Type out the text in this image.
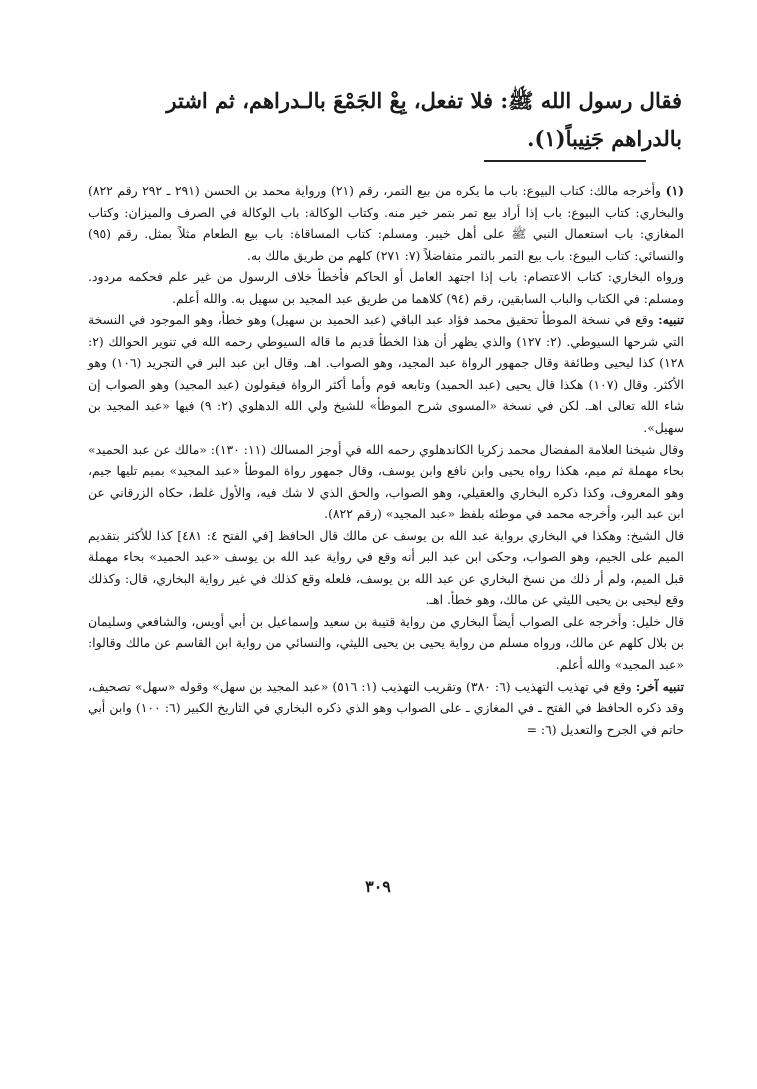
فقال رسول الله ﷺ: فلا تفعل، بِعْ الجَمْعَ بالـدراهم، ثم اشتر بالدراهم جَنِيباً(١).

(١) وأخرجه مالك: كتاب البيوع: باب ما يكره من بيع التمر، رقم (٢١) ورواية محمد بن الحسن (٢٩١ ـ ٢٩٢ رقم ٨٢٢) والبخاري: كتاب البيوع: باب إذا أراد بيع تمر بتمر خير منه. وكتاب الوكالة: باب الوكالة في الصرف والميزان: وكتاب المغازي: باب استعمال النبي ﷺ على أهل خيبر. ومسلم: كتاب المساقاة: باب بيع الطعام مثلاً بمثل. رقم (٩٥) والنسائي: كتاب البيوع: باب بيع التمر بالتمر متفاضلاً (٧: ٢٧١) كلهم من طريق مالك به.

ورواه البخاري: كتاب الاعتصام: باب إذا اجتهد العامل أو الحاكم فأخطأ خلاف الرسول من غير علم فحكمه مردود. ومسلم: في الكتاب والباب السابقين، رقم (٩٤) كلاهما من طريق عبد المجيد بن سهيل به. والله أعلم.

تنبيه: وقع في نسخة الموطأ تحقيق محمد فؤاد عبد الباقي (عبد الحميد بن سهيل) وهو خطأ، وهو الموجود في النسخة التي شرحها السيوطي. (٢: ١٢٧) والذي يظهر أن هذا الخطأ قديم ما قاله السيوطي رحمه الله في تنوير الحوالك (٢: ١٢٨) كذا ليحيى وطائفة وقال جمهور الرواة عبد المجيد، وهو الصواب. اهـ. وقال ابن عبد البر في التجريد (١٠٦) وهو الأكثر. وقال (١٠٧) هكذا قال يحيى (عبد الحميد) وتابعه قوم وأما أكثر الرواة فيقولون (عبد المجيد) وهو الصواب إن شاء الله تعالى اهـ. لكن في نسخة «المسوى شرح الموطأ» للشيخ ولي الله الدهلوي (٢: ٩) فيها «عبد المجيد بن سهيل».

وقال شيخنا العلامة المفضال محمد زكريا الكاندهلوي رحمه الله في أوجز المسالك (١١: ١٣٠): «مالك عن عبد الحميد» بحاء مهملة ثم ميم، هكذا رواه يحيى وابن نافع وابن يوسف، وقال جمهور رواة الموطأ «عبد المجيد» بميم تليها جيم، وهو المعروف، وكذا ذكره البخاري والعقيلي، وهو الصواب، والحق الذي لا شك فيه، والأول غلط، حكاه الزرقاني عن ابن عبد البر، وأخرجه محمد في موطئه بلفظ «عبد المجيد» (رقم ٨٢٢).

قال الشيخ: وهكذا في البخاري برواية عبد الله بن يوسف عن مالك قال الحافظ [في الفتح ٤: ٤٨١] كذا للأكثر بتقديم الميم على الجيم، وهو الصواب، وحكى ابن عبد البر أنه وقع في رواية عبد الله بن يوسف «عبد الحميد» بحاء مهملة قبل الميم، ولم أر ذلك من نسخ البخاري عن عبد الله بن يوسف، فلعله وقع كذلك في غير رواية البخاري، قال: وكذلك وقع ليحيى بن يحيى الليثي عن مالك، وهو خطأ. اهـ.

قال خليل: وأخرجه على الصواب أيضاً البخاري من رواية قتيبة بن سعيد وإسماعيل بن أبي أويس، والشافعي وسليمان بن بلال كلهم عن مالك، ورواه مسلم من رواية يحيى بن يحيى الليثي، والنسائي من رواية ابن القاسم عن مالك وقالوا: «عبد المجيد» والله أعلم.

تنبيه آخر: وقع في تهذيب التهذيب (٦: ٣٨٠) وتقريب التهذيب (١: ٥١٦) «عبد المجيد بن سهل» وقوله «سهل» تصحيف، وقد ذكره الحافظ في الفتح ـ في المغازي ـ على الصواب وهو الذي ذكره البخاري في التاريخ الكبير (٦: ١٠٠) وابن أبي حاتم في الجرح والتعديل (٦: =

٣٠٩
